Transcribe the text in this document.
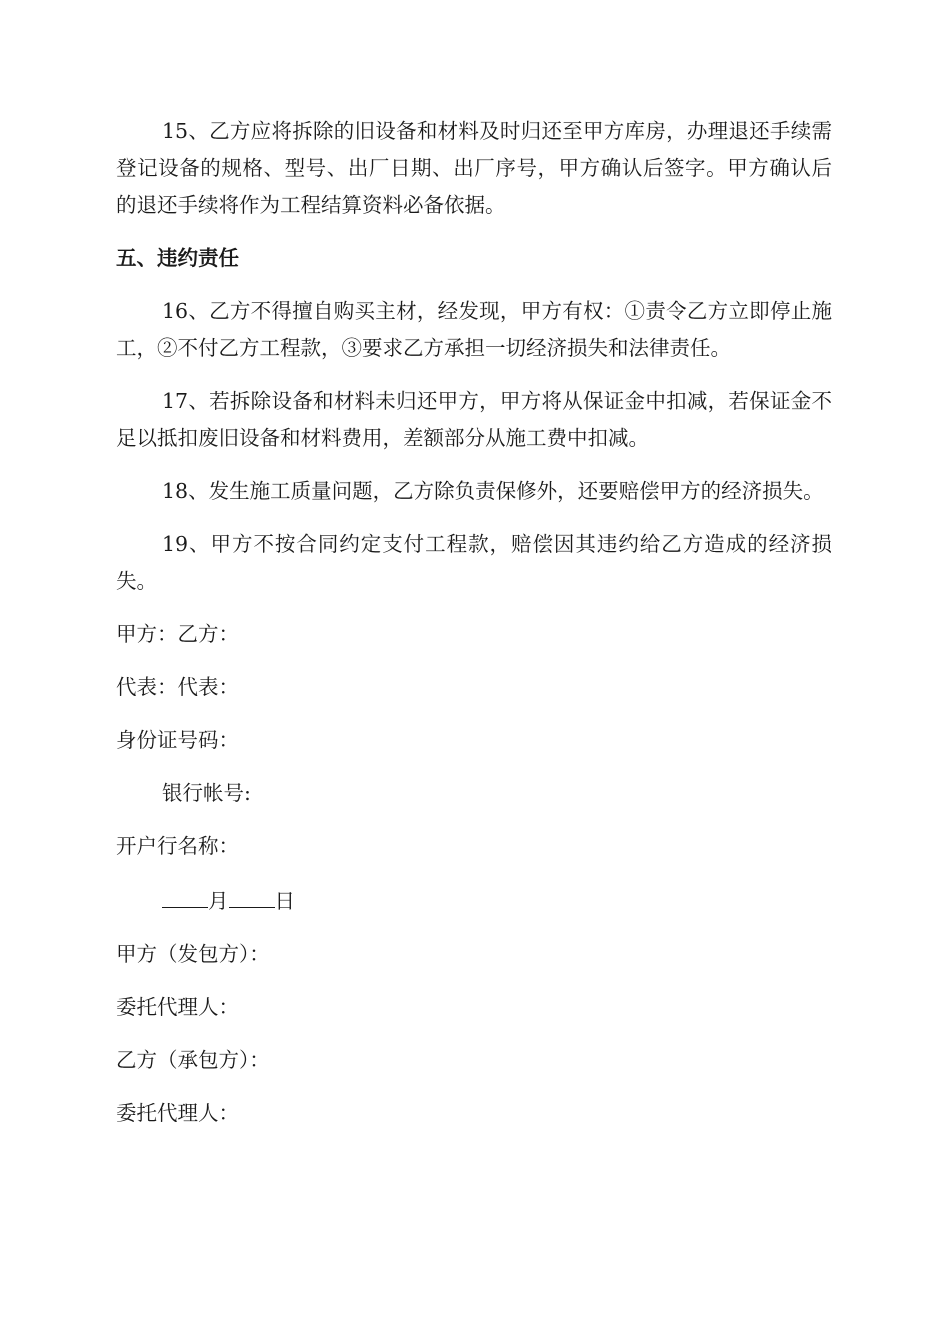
15、乙方应将拆除的旧设备和材料及时归还至甲方库房，办理退还手续需登记设备的规格、型号、出厂日期、出厂序号，甲方确认后签字。甲方确认后的退还手续将作为工程结算资料必备依据。

五、违约责任

16、乙方不得擅自购买主材，经发现，甲方有权：①责令乙方立即停止施工，②不付乙方工程款，③要求乙方承担一切经济损失和法律责任。

17、若拆除设备和材料未归还甲方，甲方将从保证金中扣减，若保证金不足以抵扣废旧设备和材料费用，差额部分从施工费中扣减。

18、发生施工质量问题，乙方除负责保修外，还要赔偿甲方的经济损失。

19、甲方不按合同约定支付工程款，赔偿因其违约给乙方造成的经济损失。

甲方：乙方：
代表：代表：
身份证号码：
银行帐号:
开户行名称：
月 日
甲方（发包方）：
委托代理人：
乙方（承包方）：
委托代理人：
